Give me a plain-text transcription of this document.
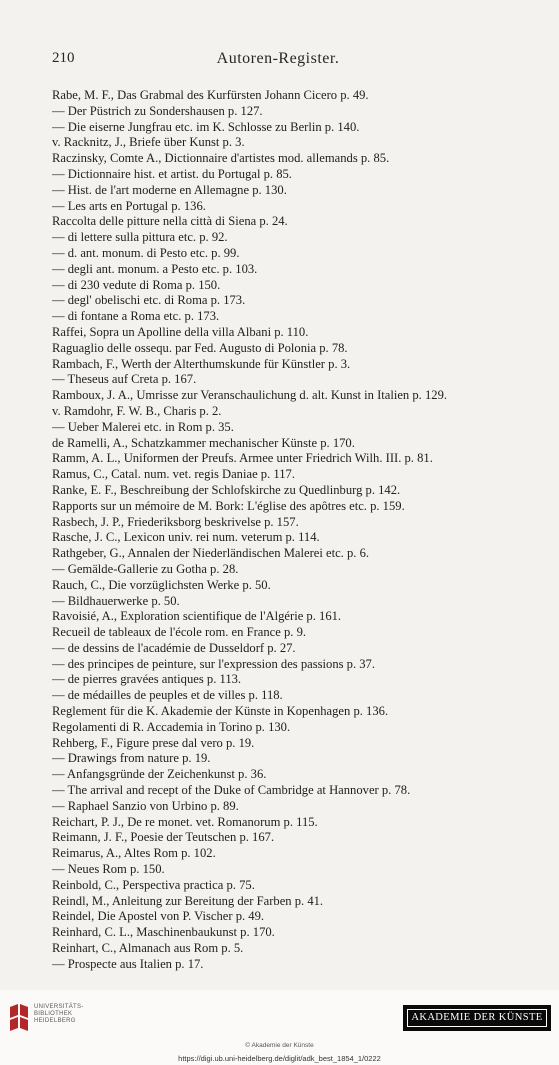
210	Autoren-Register.
Rabe, M. F., Das Grabmal des Kurfürsten Johann Cicero p. 49.
— Der Püstrich zu Sondershausen p. 127.
— Die eiserne Jungfrau etc. im K. Schlosse zu Berlin p. 140.
v. Racknitz, J., Briefe über Kunst p. 3.
Raczinsky, Comte A., Dictionnaire d'artistes mod. allemands p. 85.
— Dictionnaire hist. et artist. du Portugal p. 85.
— Hist. de l'art moderne en Allemagne p. 130.
— Les arts en Portugal p. 136.
Raccolta delle pitture nella città di Siena p. 24.
— di lettere sulla pittura etc. p. 92.
— d. ant. monum. di Pesto etc. p. 99.
— degli ant. monum. a Pesto etc. p. 103.
— di 230 vedute di Roma p. 150.
— degl' obelischi etc. di Roma p. 173.
— di fontane a Roma etc. p. 173.
Raffei, Sopra un Apolline della villa Albani p. 110.
Raguaglio delle ossequ. par Fed. Augusto di Polonia p. 78.
Rambach, F., Werth der Alterthumskunde für Künstler p. 3.
— Theseus auf Creta p. 167.
Ramboux, J. A., Umrisse zur Veranschaulichung d. alt. Kunst in Italien p. 129.
v. Ramdohr, F. W. B., Charis p. 2.
— Ueber Malerei etc. in Rom p. 35.
de Ramelli, A., Schatzkammer mechanischer Künste p. 170.
Ramm, A. L., Uniformen der Preufs. Armee unter Friedrich Wilh. III. p. 81.
Ramus, C., Catal. num. vet. regis Daniae p. 117.
Ranke, E. F., Beschreibung der Schlofskirche zu Quedlinburg p. 142.
Rapports sur un mémoire de M. Bork: L'église des apôtres etc. p. 159.
Rasbech, J. P., Friederiksborg beskrivelse p. 157.
Rasche, J. C., Lexicon univ. rei num. veterum p. 114.
Rathgeber, G., Annalen der Niederländischen Malerei etc. p. 6.
— Gemälde-Gallerie zu Gotha p. 28.
Rauch, C., Die vorzüglichsten Werke p. 50.
— Bildhauerwerke p. 50.
Ravoisié, A., Exploration scientifique de l'Algérie p. 161.
Recueil de tableaux de l'école rom. en France p. 9.
— de dessins de l'académie de Dusseldorf p. 27.
— des principes de peinture, sur l'expression des passions p. 37.
— de pierres gravées antiques p. 113.
— de médailles de peuples et de villes p. 118.
Reglement für die K. Akademie der Künste in Kopenhagen p. 136.
Regolamenti di R. Accademia in Torino p. 130.
Rehberg, F., Figure prese dal vero p. 19.
— Drawings from nature p. 19.
— Anfangsgründe der Zeichenkunst p. 36.
— The arrival and recept of the Duke of Cambridge at Hannover p. 78.
— Raphael Sanzio von Urbino p. 89.
Reichart, P. J., De re monet. vet. Romanorum p. 115.
Reimann, J. F., Poesie der Teutschen p. 167.
Reimarus, A., Altes Rom p. 102.
— Neues Rom p. 150.
Reinbold, C., Perspectiva practica p. 75.
Reindl, M., Anleitung zur Bereitung der Farben p. 41.
Reindel, Die Apostel von P. Vischer p. 49.
Reinhard, C. L., Maschinenbaukunst p. 170.
Reinhart, C., Almanach aus Rom p. 5.
— Prospecte aus Italien p. 17.
UNIVERSITÄTS-
BIBLIOTHEK
HEIDELBERG	AKADEMIE DER KÜNSTE
© Akademie der Künste
https://digi.ub.uni-heidelberg.de/diglit/adk_best_1854_1/0222
